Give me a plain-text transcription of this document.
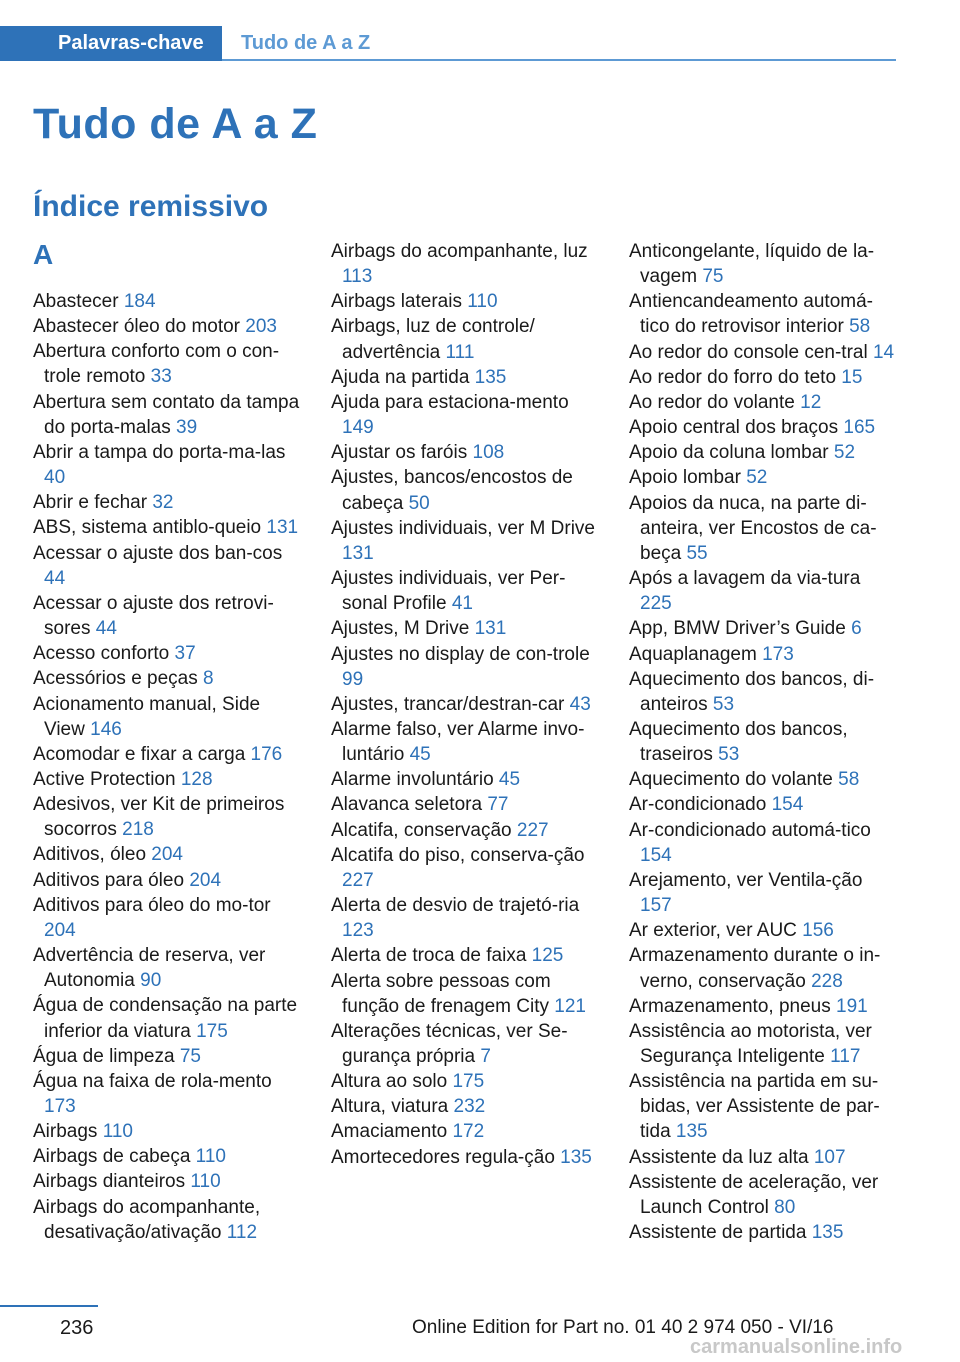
Palavras-chave	Tudo de A a Z
Tudo de A a Z
Índice remissivo
A
Abastecer 184
Abastecer óleo do motor 203
Abertura conforto com o con-trole remoto 33
Abertura sem contato da tampa do porta-malas 39
Abrir a tampa do porta-ma-las 40
Abrir e fechar 32
ABS, sistema antiblo-queio 131
Acessar o ajuste dos ban-cos 44
Acessar o ajuste dos retrovi-sores 44
Acesso conforto 37
Acessórios e peças 8
Acionamento manual, Side View 146
Acomodar e fixar a carga 176
Active Protection 128
Adesivos, ver Kit de primeiros socorros 218
Aditivos, óleo 204
Aditivos para óleo 204
Aditivos para óleo do mo-tor 204
Advertência de reserva, ver Autonomia 90
Água de condensação na parte inferior da viatura 175
Água de limpeza 75
Água na faixa de rola-mento 173
Airbags 110
Airbags de cabeça 110
Airbags dianteiros 110
Airbags do acompanhante, desativação/ativação 112
Airbags do acompanhante, luz 113
Airbags laterais 110
Airbags, luz de controle/ advertência 111
Ajuda na partida 135
Ajuda para estaciona-mento 149
Ajustar os faróis 108
Ajustes, bancos/encostos de cabeça 50
Ajustes individuais, ver M Drive 131
Ajustes individuais, ver Per-sonal Profile 41
Ajustes, M Drive 131
Ajustes no display de con-trole 99
Ajustes, trancar/destran-car 43
Alarme falso, ver Alarme invo-luntário 45
Alarme involuntário 45
Alavanca seletora 77
Alcatifa, conservação 227
Alcatifa do piso, conserva-ção 227
Alerta de desvio de trajetó-ria 123
Alerta de troca de faixa 125
Alerta sobre pessoas com função de frenagem City 121
Alterações técnicas, ver Se-gurança própria 7
Altura ao solo 175
Altura, viatura 232
Amaciamento 172
Amortecedores regula-ção 135
Anticongelante, líquido de la-vagem 75
Antiencandeamento automá-tico do retrovisor interior 58
Ao redor do console cen-tral 14
Ao redor do forro do teto 15
Ao redor do volante 12
Apoio central dos braços 165
Apoio da coluna lombar 52
Apoio lombar 52
Apoios da nuca, na parte di-anteira, ver Encostos de ca-beça 55
Após a lavagem da via-tura 225
App, BMW Driver’s Guide 6
Aquaplanagem 173
Aquecimento dos bancos, di-anteiros 53
Aquecimento dos bancos, traseiros 53
Aquecimento do volante 58
Ar-condicionado 154
Ar-condicionado automá-tico 154
Arejamento, ver Ventila-ção 157
Ar exterior, ver AUC 156
Armazenamento durante o in-verno, conservação 228
Armazenamento, pneus 191
Assistência ao motorista, ver Segurança Inteligente 117
Assistência na partida em su-bidas, ver Assistente de par-tida 135
Assistente da luz alta 107
Assistente de aceleração, ver Launch Control 80
Assistente de partida 135
236	Online Edition for Part no. 01 40 2 974 050 - VI/16
carmanualsonline.info
